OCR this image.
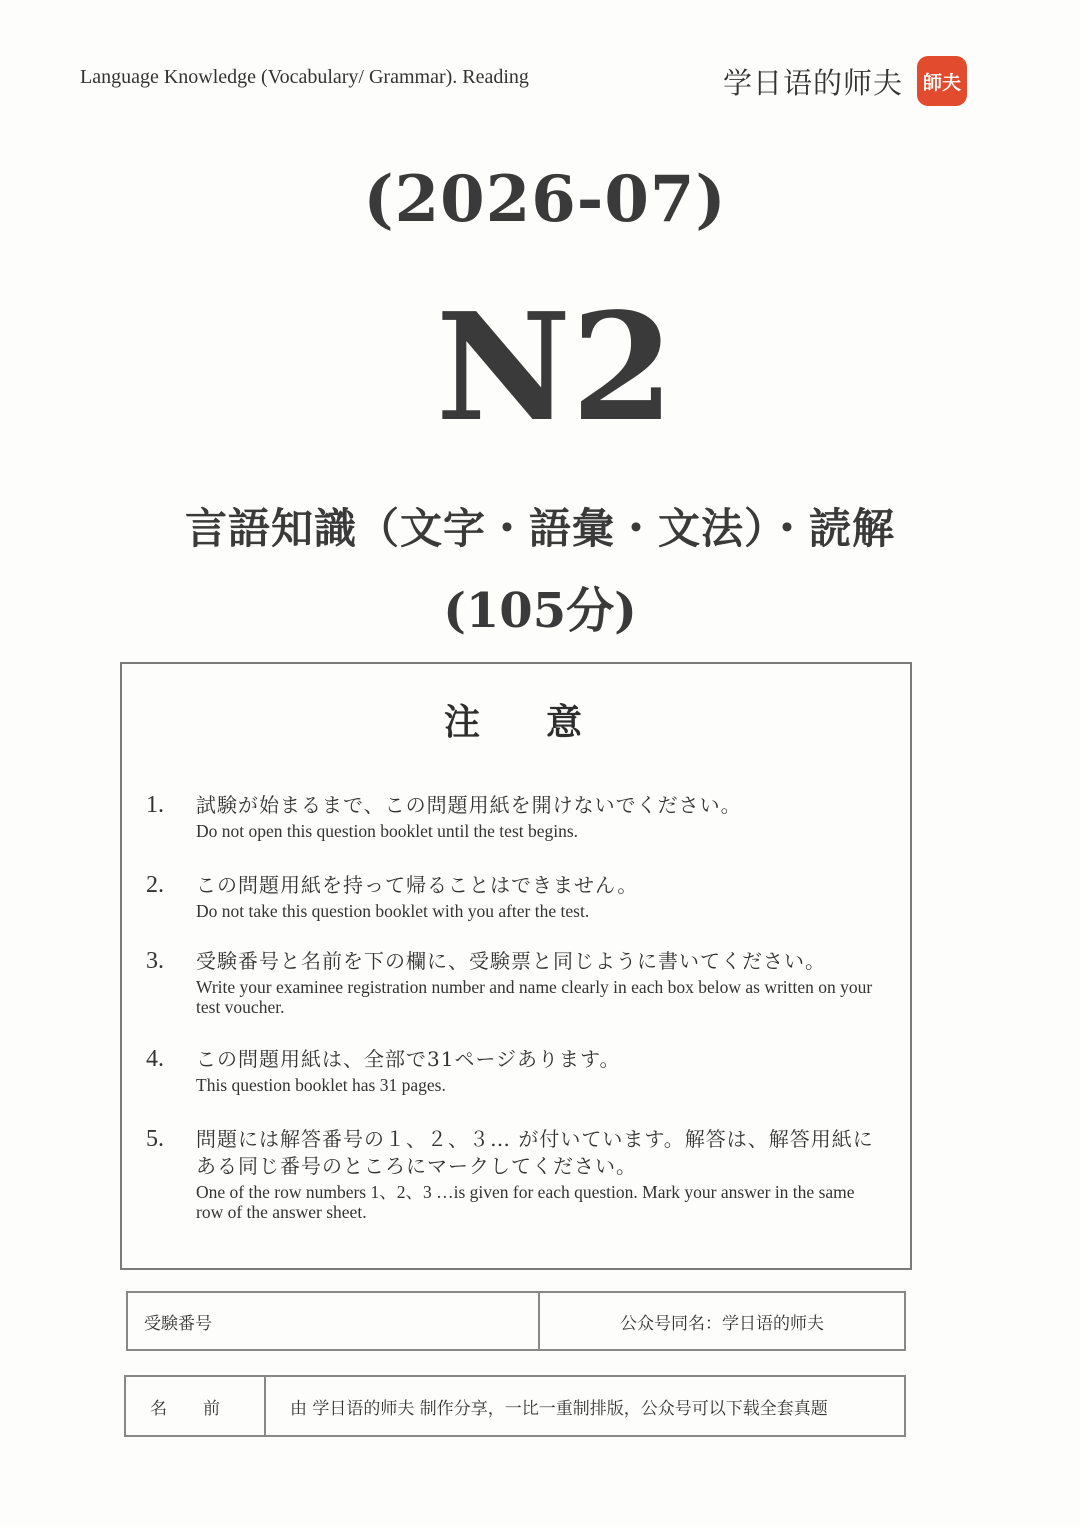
Language Knowledge (Vocabulary/ Grammar). Reading	学日语的师夫	師夫
(2026-07)
N2
言語知識（文字・語彙・文法）・読解
(105分)
注意
1. 試験が始まるまで、この問題用紙を開けないでください。
Do not open this question booklet until the test begins.
2. この問題用紙を持って帰ることはできません。
Do not take this question booklet with you after the test.
3. 受験番号と名前を下の欄に、受験票と同じように書いてください。
Write your examinee registration number and name clearly in each box below as written on your test voucher.
4. この問題用紙は、全部で31ページあります。
This question booklet has 31 pages.
5. 問題には解答番号の１、２、３… が付いています。解答は、解答用紙にある同じ番号のところにマークしてください。
One of the row numbers 1、2、3 …is given for each question. Mark your answer in the same row of the answer sheet.
受験番号	公众号同名：学日语的师夫
名前 由 学日语的师夫 制作分享，一比一重制排版，公众号可以下载全套真题
